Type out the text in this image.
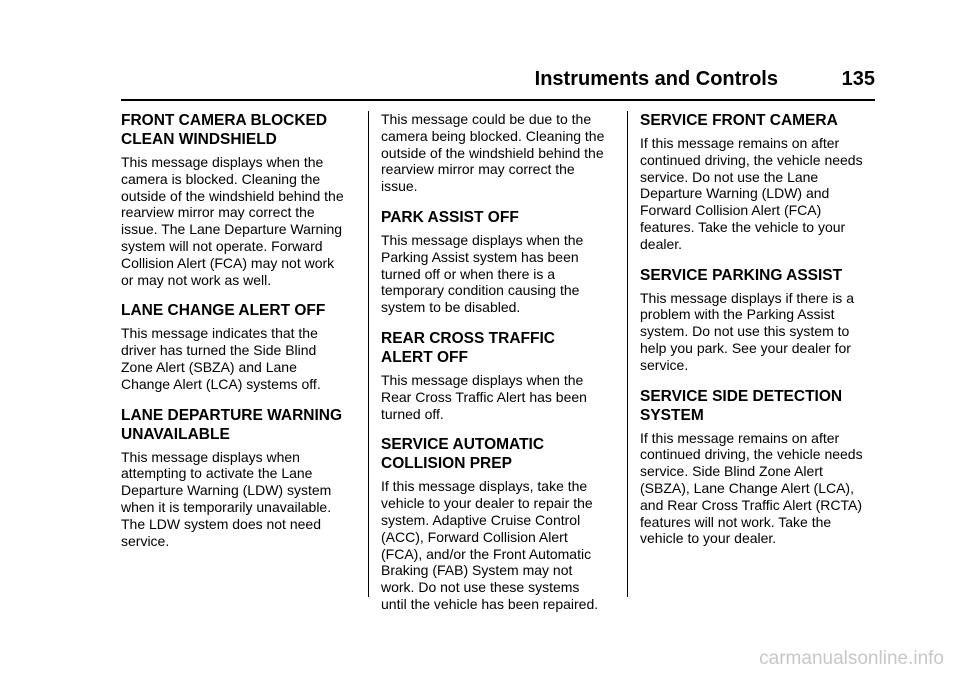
Instruments and Controls	135
FRONT CAMERA BLOCKED
CLEAN WINDSHIELD

This message displays when the
camera is blocked. Cleaning the
outside of the windshield behind the
rearview mirror may correct the
issue. The Lane Departure Warning
system will not operate. Forward
Collision Alert (FCA) may not work
or may not work as well.

LANE CHANGE ALERT OFF

This message indicates that the
driver has turned the Side Blind
Zone Alert (SBZA) and Lane
Change Alert (LCA) systems off.

LANE DEPARTURE WARNING
UNAVAILABLE

This message displays when
attempting to activate the Lane
Departure Warning (LDW) system
when it is temporarily unavailable.
The LDW system does not need
service.

This message could be due to the
camera being blocked. Cleaning the
outside of the windshield behind the
rearview mirror may correct the
issue.

PARK ASSIST OFF

This message displays when the
Parking Assist system has been
turned off or when there is a
temporary condition causing the
system to be disabled.

REAR CROSS TRAFFIC
ALERT OFF

This message displays when the
Rear Cross Traffic Alert has been
turned off.

SERVICE AUTOMATIC
COLLISION PREP

If this message displays, take the
vehicle to your dealer to repair the
system. Adaptive Cruise Control
(ACC), Forward Collision Alert
(FCA), and/or the Front Automatic
Braking (FAB) System may not
work. Do not use these systems
until the vehicle has been repaired.

SERVICE FRONT CAMERA

If this message remains on after
continued driving, the vehicle needs
service. Do not use the Lane
Departure Warning (LDW) and
Forward Collision Alert (FCA)
features. Take the vehicle to your
dealer.

SERVICE PARKING ASSIST

This message displays if there is a
problem with the Parking Assist
system. Do not use this system to
help you park. See your dealer for
service.

SERVICE SIDE DETECTION
SYSTEM

If this message remains on after
continued driving, the vehicle needs
service. Side Blind Zone Alert
(SBZA), Lane Change Alert (LCA),
and Rear Cross Traffic Alert (RCTA)
features will not work. Take the
vehicle to your dealer.

carmanualsonline.info
